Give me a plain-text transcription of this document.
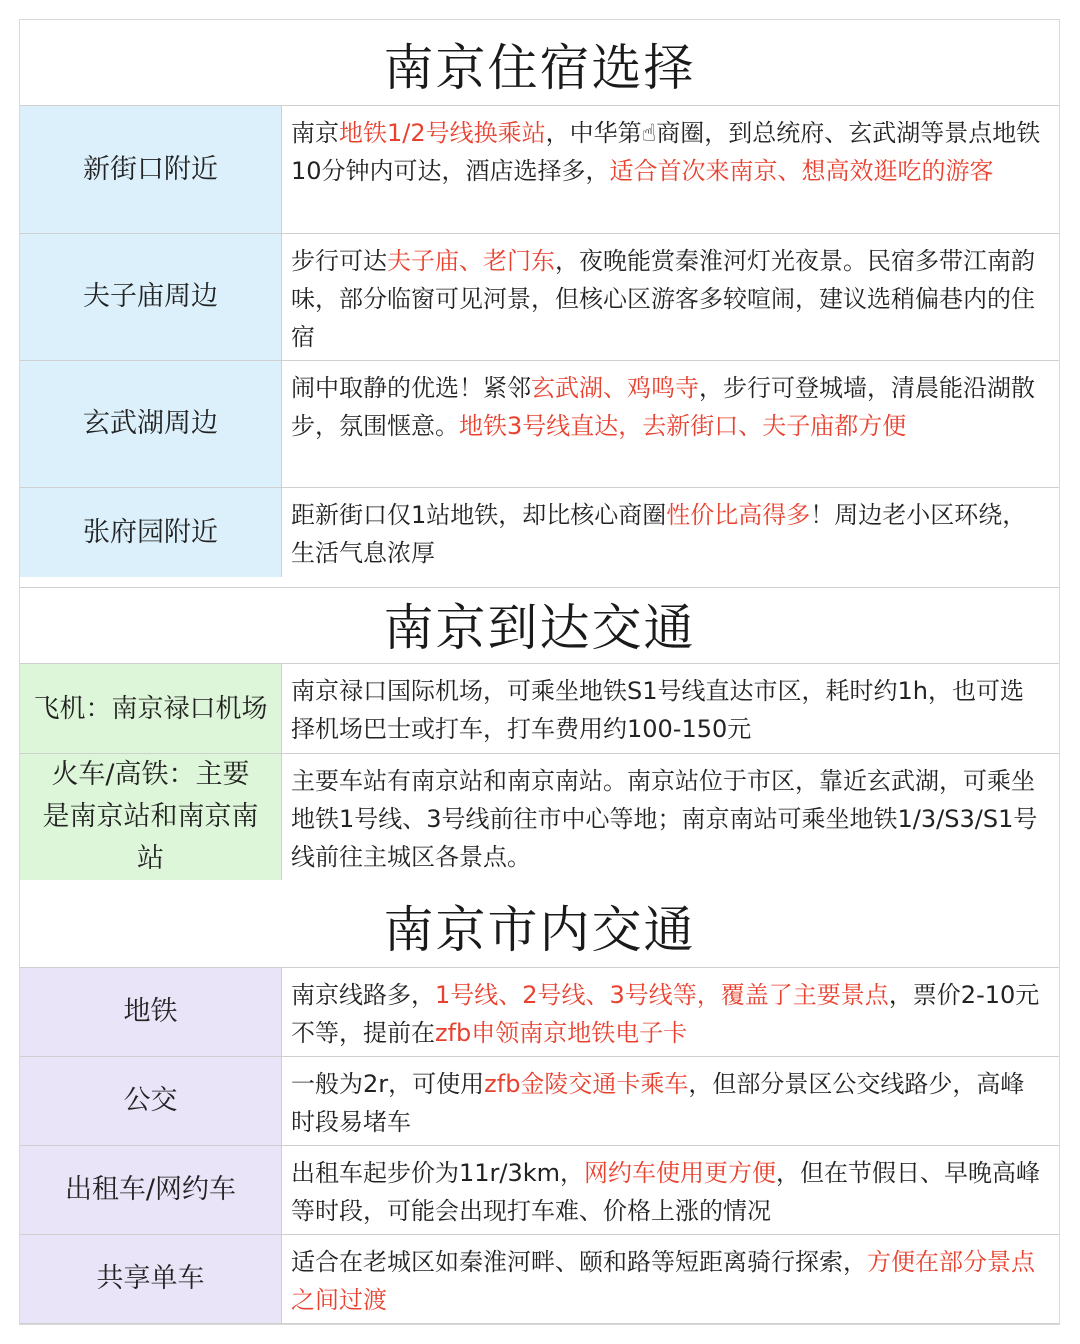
南京住宿选择
新街口附近
南京地铁1/2号线换乘站，中华第☝商圈，到总统府、玄武湖等景点地铁10分钟内可达，酒店选择多，适合首次来南京、想高效逛吃的游客
夫子庙周边
步行可达夫子庙、老门东，夜晚能赏秦淮河灯光夜景。民宿多带江南韵味，部分临窗可见河景，但核心区游客多较喧闹，建议选稍偏巷内的住宿
玄武湖周边
闹中取静的优选！紧邻玄武湖、鸡鸣寺，步行可登城墙，清晨能沿湖散步，氛围惬意。地铁3号线直达，去新街口、夫子庙都方便
张府园附近
距新街口仅1站地铁，却比核心商圈性价比高得多！周边老小区环绕，生活气息浓厚
南京到达交通
飞机：南京禄口机场
南京禄口国际机场，可乘坐地铁S1号线直达市区，耗时约1h，也可选择机场巴士或打车，打车费用约100-150元
火车/高铁：主要是南京站和南京南站
主要车站有南京站和南京南站。南京站位于市区，靠近玄武湖，可乘坐地铁1号线、3号线前往市中心等地；南京南站可乘坐地铁1/3/S3/S1号线前往主城区各景点。
南京市内交通
地铁
南京线路多，1号线、2号线、3号线等，覆盖了主要景点，票价2-10元不等，提前在zfb申领南京地铁电子卡
公交
一般为2r，可使用zfb金陵交通卡乘车，但部分景区公交线路少，高峰时段易堵车
出租车/网约车
出租车起步价为11r/3km，网约车使用更方便，但在节假日、早晚高峰等时段，可能会出现打车难、价格上涨的情况
共享单车
适合在老城区如秦淮河畔、颐和路等短距离骑行探索，方便在部分景点之间过渡
